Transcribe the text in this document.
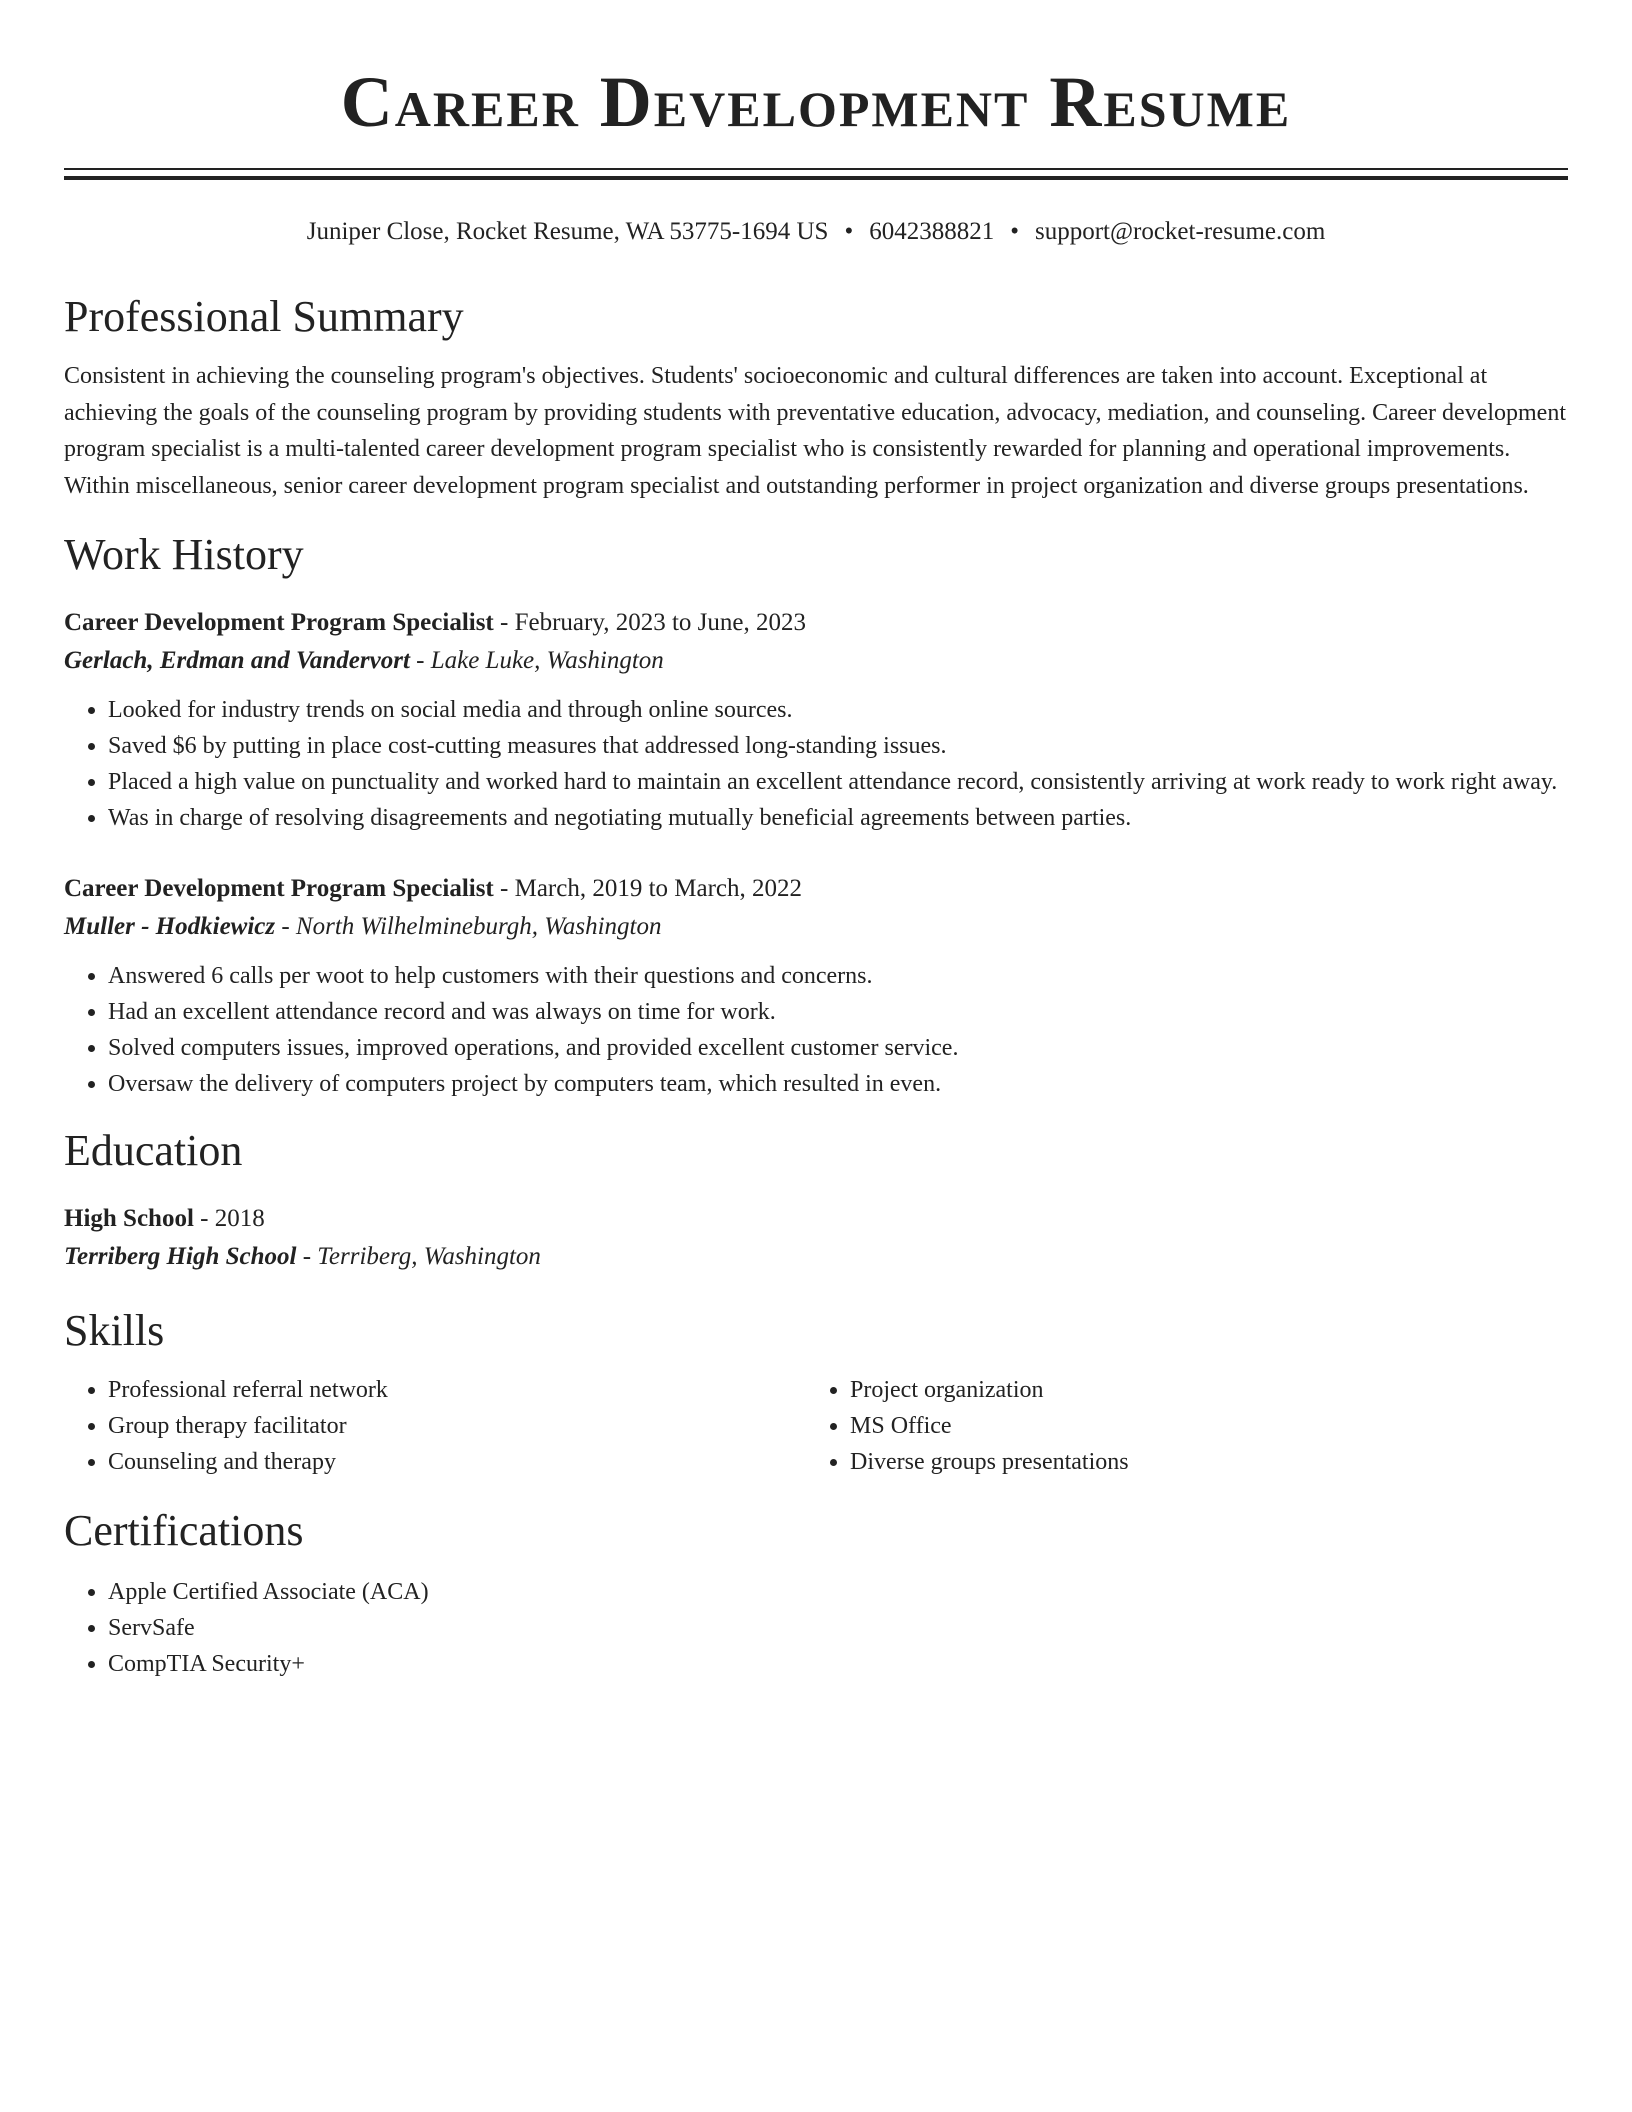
Career Development Resume
Juniper Close, Rocket Resume, WA 53775-1694 US • 6042388821 • support@rocket-resume.com
Professional Summary
Consistent in achieving the counseling program's objectives. Students' socioeconomic and cultural differences are taken into account. Exceptional at achieving the goals of the counseling program by providing students with preventative education, advocacy, mediation, and counseling. Career development program specialist is a multi-talented career development program specialist who is consistently rewarded for planning and operational improvements. Within miscellaneous, senior career development program specialist and outstanding performer in project organization and diverse groups presentations.
Work History
Career Development Program Specialist - February, 2023 to June, 2023
Gerlach, Erdman and Vandervort - Lake Luke, Washington
• Looked for industry trends on social media and through online sources.
• Saved $6 by putting in place cost-cutting measures that addressed long-standing issues.
• Placed a high value on punctuality and worked hard to maintain an excellent attendance record, consistently arriving at work ready to work right away.
• Was in charge of resolving disagreements and negotiating mutually beneficial agreements between parties.
Career Development Program Specialist - March, 2019 to March, 2022
Muller - Hodkiewicz - North Wilhelmineburgh, Washington
• Answered 6 calls per woot to help customers with their questions and concerns.
• Had an excellent attendance record and was always on time for work.
• Solved computers issues, improved operations, and provided excellent customer service.
• Oversaw the delivery of computers project by computers team, which resulted in even.
Education
High School - 2018
Terriberg High School - Terriberg, Washington
Skills
• Professional referral network
• Group therapy facilitator
• Counseling and therapy
• Project organization
• MS Office
• Diverse groups presentations
Certifications
• Apple Certified Associate (ACA)
• ServSafe
• CompTIA Security+
